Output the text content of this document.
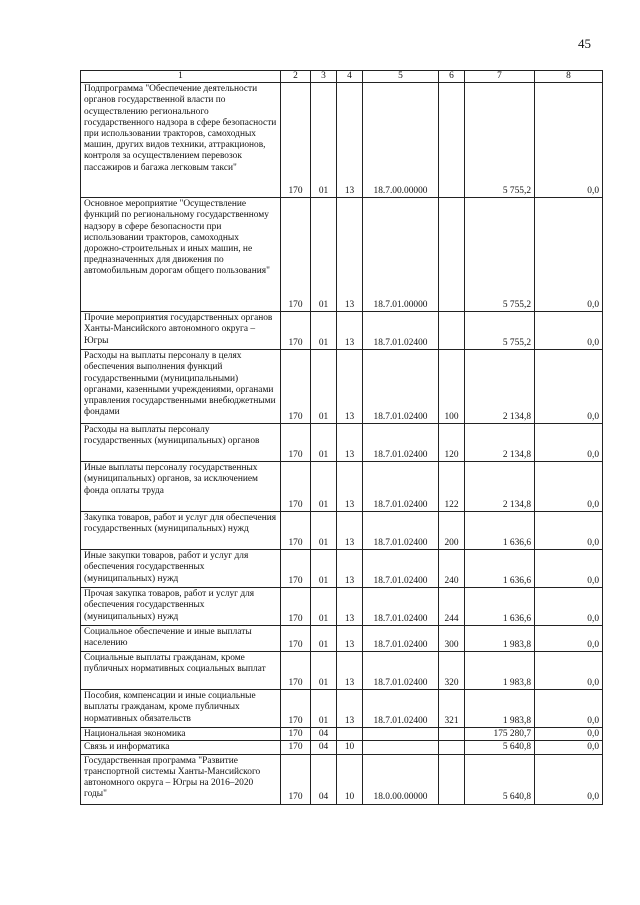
45
1	2	3	4	5	6	7	8
Подпрограмма "Обеспечение деятельности органов государственной власти по осуществлению регионального государственного надзора в сфере безопасности при использовании тракторов, самоходных машин, других видов техники, аттракционов, контроля за осуществлением перевозок пассажиров и багажа легковым такси"	170	01	13	18.7.00.00000		5 755,2	0,0
Основное мероприятие "Осуществление функций по региональному государственному надзору в сфере безопасности при использовании тракторов, самоходных дорожно-строительных и иных машин, не предназначенных для движения по автомобильным дорогам общего пользования"	170	01	13	18.7.01.00000		5 755,2	0,0
Прочие мероприятия государственных органов Ханты-Мансийского автономного округа – Югры	170	01	13	18.7.01.02400		5 755,2	0,0
Расходы на выплаты персоналу в целях обеспечения выполнения функций государственными (муниципальными) органами, казенными учреждениями, органами управления государственными внебюджетными фондами	170	01	13	18.7.01.02400	100	2 134,8	0,0
Расходы на выплаты персоналу государственных (муниципальных) органов	170	01	13	18.7.01.02400	120	2 134,8	0,0
Иные выплаты персоналу государственных (муниципальных) органов, за исключением фонда оплаты труда	170	01	13	18.7.01.02400	122	2 134,8	0,0
Закупка товаров, работ и услуг для обеспечения государственных (муниципальных) нужд	170	01	13	18.7.01.02400	200	1 636,6	0,0
Иные закупки товаров, работ и услуг для обеспечения государственных (муниципальных) нужд	170	01	13	18.7.01.02400	240	1 636,6	0,0
Прочая закупка товаров, работ и услуг для обеспечения государственных (муниципальных) нужд	170	01	13	18.7.01.02400	244	1 636,6	0,0
Социальное обеспечение и иные выплаты населению	170	01	13	18.7.01.02400	300	1 983,8	0,0
Социальные выплаты гражданам, кроме публичных нормативных социальных выплат	170	01	13	18.7.01.02400	320	1 983,8	0,0
Пособия, компенсации и иные социальные выплаты гражданам, кроме публичных нормативных обязательств	170	01	13	18.7.01.02400	321	1 983,8	0,0
Национальная экономика	170	04				175 280,7	0,0
Связь и информатика	170	04	10			5 640,8	0,0
Государственная программа "Развитие транспортной системы Ханты-Мансийского автономного округа – Югры на 2016–2020 годы"	170	04	10	18.0.00.00000		5 640,8	0,0
